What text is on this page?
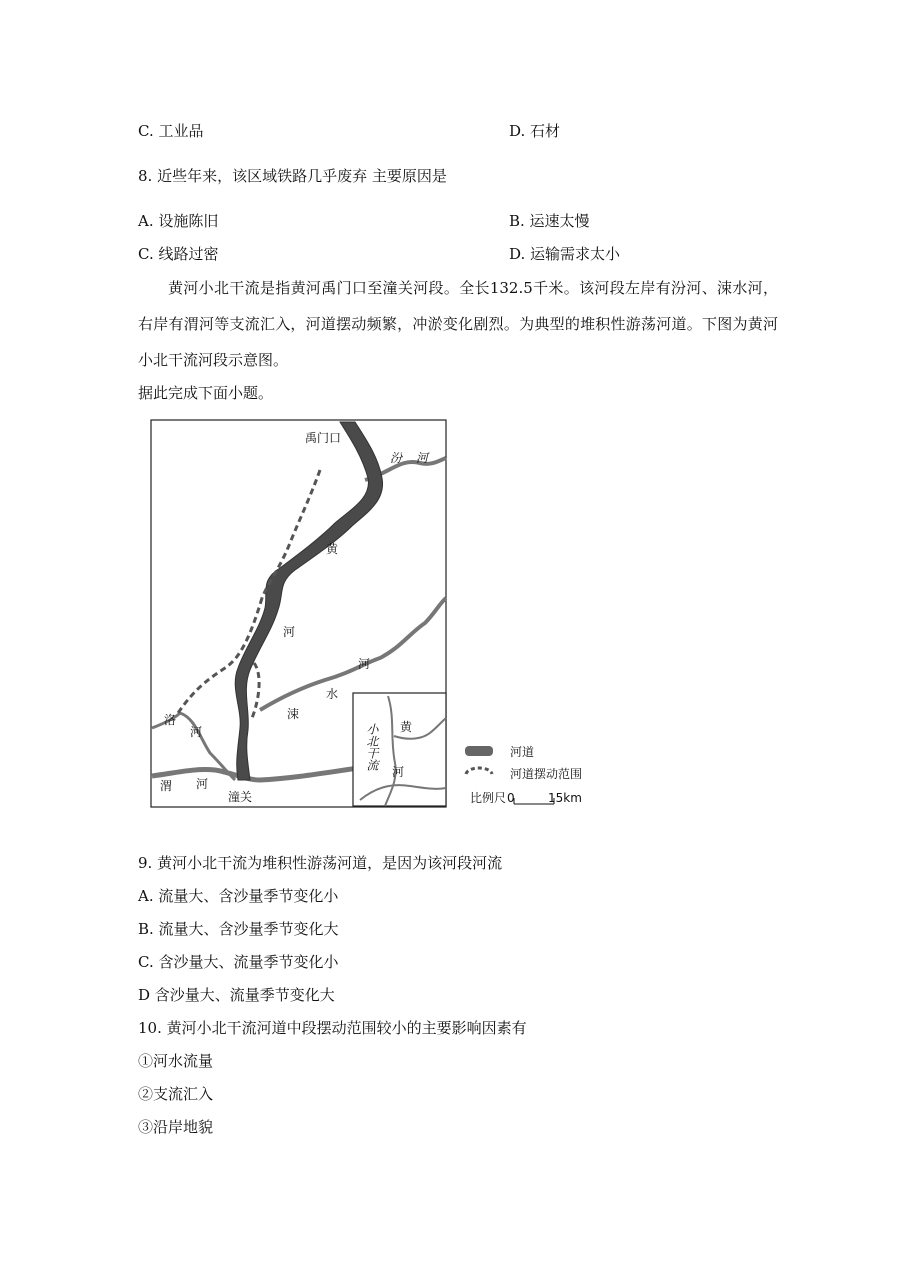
C. 工业品	D. 石材
8. 近些年来，该区域铁路几乎废弃 主要原因是
A. 设施陈旧	B. 运速太慢
C. 线路过密	D. 运输需求太小
黄河小北干流是指黄河禹门口至潼关河段。全长132.5千米。该河段左岸有汾河、涑水河，右岸有渭河等支流汇入，河道摆动频繁，冲淤变化剧烈。为典型的堆积性游荡河道。下图为黄河小北干流河段示意图。
据此完成下面小题。
禹门口
汾 河
黄
河
河
水
涑
洛
河
渭 河
潼关
小北干流 黄
河
河道
河道摆动范围
比例尺 0	15km
9. 黄河小北干流为堆积性游荡河道，是因为该河段河流
A. 流量大、含沙量季节变化小
B. 流量大、含沙量季节变化大
C. 含沙量大、流量季节变化小
D 含沙量大、流量季节变化大
10. 黄河小北干流河道中段摆动范围较小的主要影响因素有
①河水流量
②支流汇入
③沿岸地貌
